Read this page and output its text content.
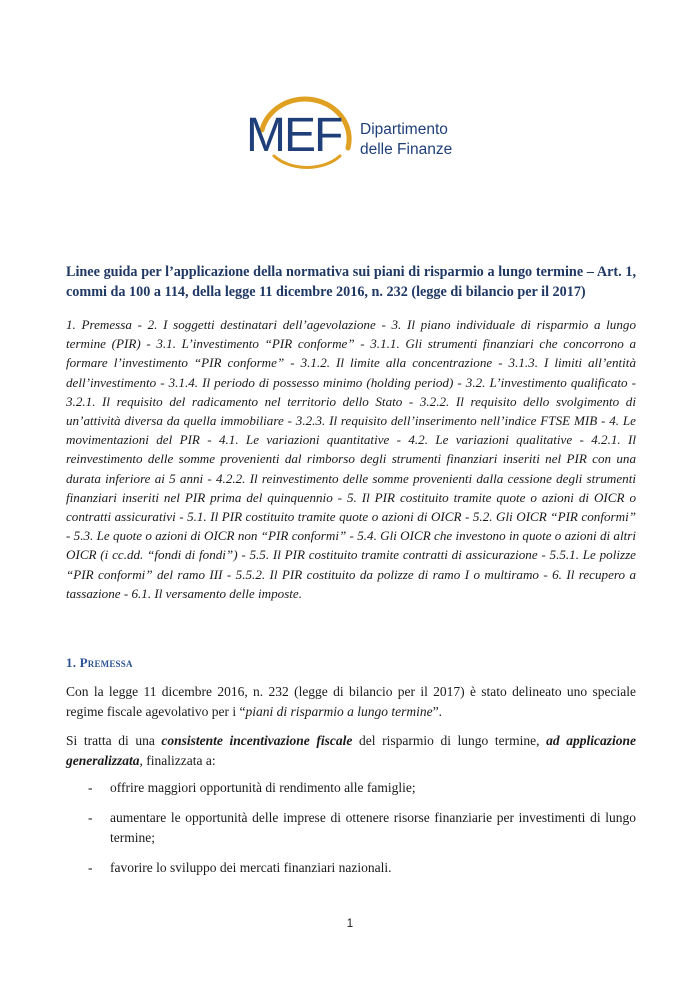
MEF Dipartimento
delle Finanze
Linee guida per l’applicazione della normativa sui piani di risparmio a lungo termine – Art. 1, commi da 100 a 114, della legge 11 dicembre 2016, n. 232 (legge di bilancio per il 2017)
1. Premessa - 2. I soggetti destinatari dell’agevolazione - 3. Il piano individuale di risparmio a lungo termine (PIR) - 3.1. L’investimento “PIR conforme” - 3.1.1. Gli strumenti finanziari che concorrono a formare l’investimento “PIR conforme” - 3.1.2. Il limite alla concentrazione - 3.1.3. I limiti all’entità dell’investimento - 3.1.4. Il periodo di possesso minimo (holding period) - 3.2. L’investimento qualificato - 3.2.1. Il requisito del radicamento nel territorio dello Stato - 3.2.2. Il requisito dello svolgimento di un’attività diversa da quella immobiliare - 3.2.3. Il requisito dell’inserimento nell’indice FTSE MIB - 4. Le movimentazioni del PIR - 4.1. Le variazioni quantitative - 4.2. Le variazioni qualitative - 4.2.1. Il reinvestimento delle somme provenienti dal rimborso degli strumenti finanziari inseriti nel PIR con una durata inferiore ai 5 anni - 4.2.2. Il reinvestimento delle somme provenienti dalla cessione degli strumenti finanziari inseriti nel PIR prima del quinquennio - 5. Il PIR costituito tramite quote o azioni di OICR o contratti assicurativi - 5.1. Il PIR costituito tramite quote o azioni di OICR - 5.2. Gli OICR “PIR conformi” - 5.3. Le quote o azioni di OICR non “PIR conformi” - 5.4. Gli OICR che investono in quote o azioni di altri OICR (i cc.dd. “fondi di fondi”) - 5.5. Il PIR costituito tramite contratti di assicurazione - 5.5.1. Le polizze “PIR conformi” del ramo III - 5.5.2. Il PIR costituito da polizze di ramo I o multiramo - 6. Il recupero a tassazione - 6.1. Il versamento delle imposte.
1. Premessa
Con la legge 11 dicembre 2016, n. 232 (legge di bilancio per il 2017) è stato delineato uno speciale regime fiscale agevolativo per i “piani di risparmio a lungo termine”.
Si tratta di una consistente incentivazione fiscale del risparmio di lungo termine, ad applicazione generalizzata, finalizzata a:
- offrire maggiori opportunità di rendimento alle famiglie;
- aumentare le opportunità delle imprese di ottenere risorse finanziarie per investimenti di lungo termine;
- favorire lo sviluppo dei mercati finanziari nazionali.
1
